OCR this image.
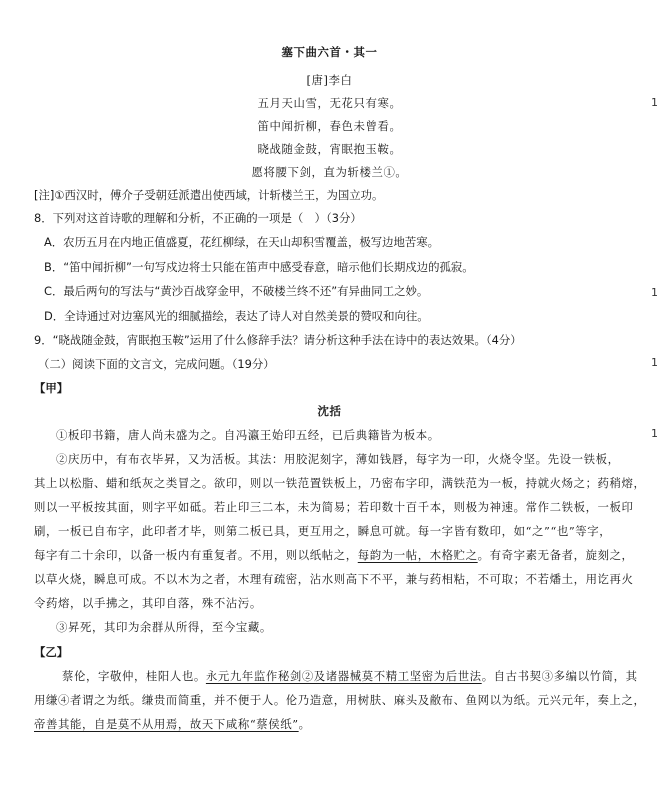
塞下曲六首・其一
[唐]李白
五月天山雪，无花只有寒。
笛中闻折柳，春色未曾看。
晓战随金鼓，宵眠抱玉鞍。
愿将腰下剑，直为斩楼兰①。
[注]①西汉时，傅介子受朝廷派遣出使西域，计斩楼兰王，为国立功。
8．下列对这首诗歌的理解和分析，不正确的一项是（　）（3分）
A．农历五月在内地正值盛夏，花红柳绿，在天山却积雪覆盖，极写边地苦寒。
B．“笛中闻折柳”一句写戍边将士只能在笛声中感受春意，暗示他们长期戍边的孤寂。
C．最后两句的写法与“黄沙百战穿金甲，不破楼兰终不还”有异曲同工之妙。
D．全诗通过对边塞风光的细腻描绘，表达了诗人对自然美景的赞叹和向往。
9．“晓战随金鼓，宵眠抱玉鞍”运用了什么修辞手法？请分析这种手法在诗中的表达效果。（4分）
（二）阅读下面的文言文，完成问题。（19分）
【甲】
沈括
①板印书籍，唐人尚未盛为之。自冯瀛王始印五经，已后典籍皆为板本。
②庆历中，有布衣毕昇，又为活板。其法：用胶泥刻字，薄如钱唇，每字为一印，火烧令坚。先设一铁板，
其上以松脂、蜡和纸灰之类冒之。欲印，则以一铁范置铁板上，乃密布字印，满铁范为一板，持就火炀之；药稍熔，
则以一平板按其面，则字平如砥。若止印三二本，未为简易；若印数十百千本，则极为神速。常作二铁板，一板印
刷，一板已自布字，此印者才毕，则第二板已具，更互用之，瞬息可就。每一字皆有数印，如“之”“也”等字，
每字有二十余印，以备一板内有重复者。不用，则以纸帖之，每韵为一帖，木格贮之。有奇字素无备者，旋刻之，
以草火烧，瞬息可成。不以木为之者，木理有疏密，沾水则高下不平，兼与药相粘，不可取；不若燔土，用讫再火
令药熔，以手拂之，其印自落，殊不沾污。
③昇死，其印为余群从所得，至今宝藏。
【乙】
蔡伦，字敬仲，桂阳人也。永元九年监作秘剑②及诸器械莫不精工坚密为后世法。自古书契③多编以竹简，其
用缣④者谓之为纸。缣贵而简重，并不便于人。伦乃造意，用树肤、麻头及敝布、鱼网以为纸。元兴元年，奏上之，
帝善其能，自是莫不从用焉，故天下咸称“蔡侯纸”。
1
1
1
1
